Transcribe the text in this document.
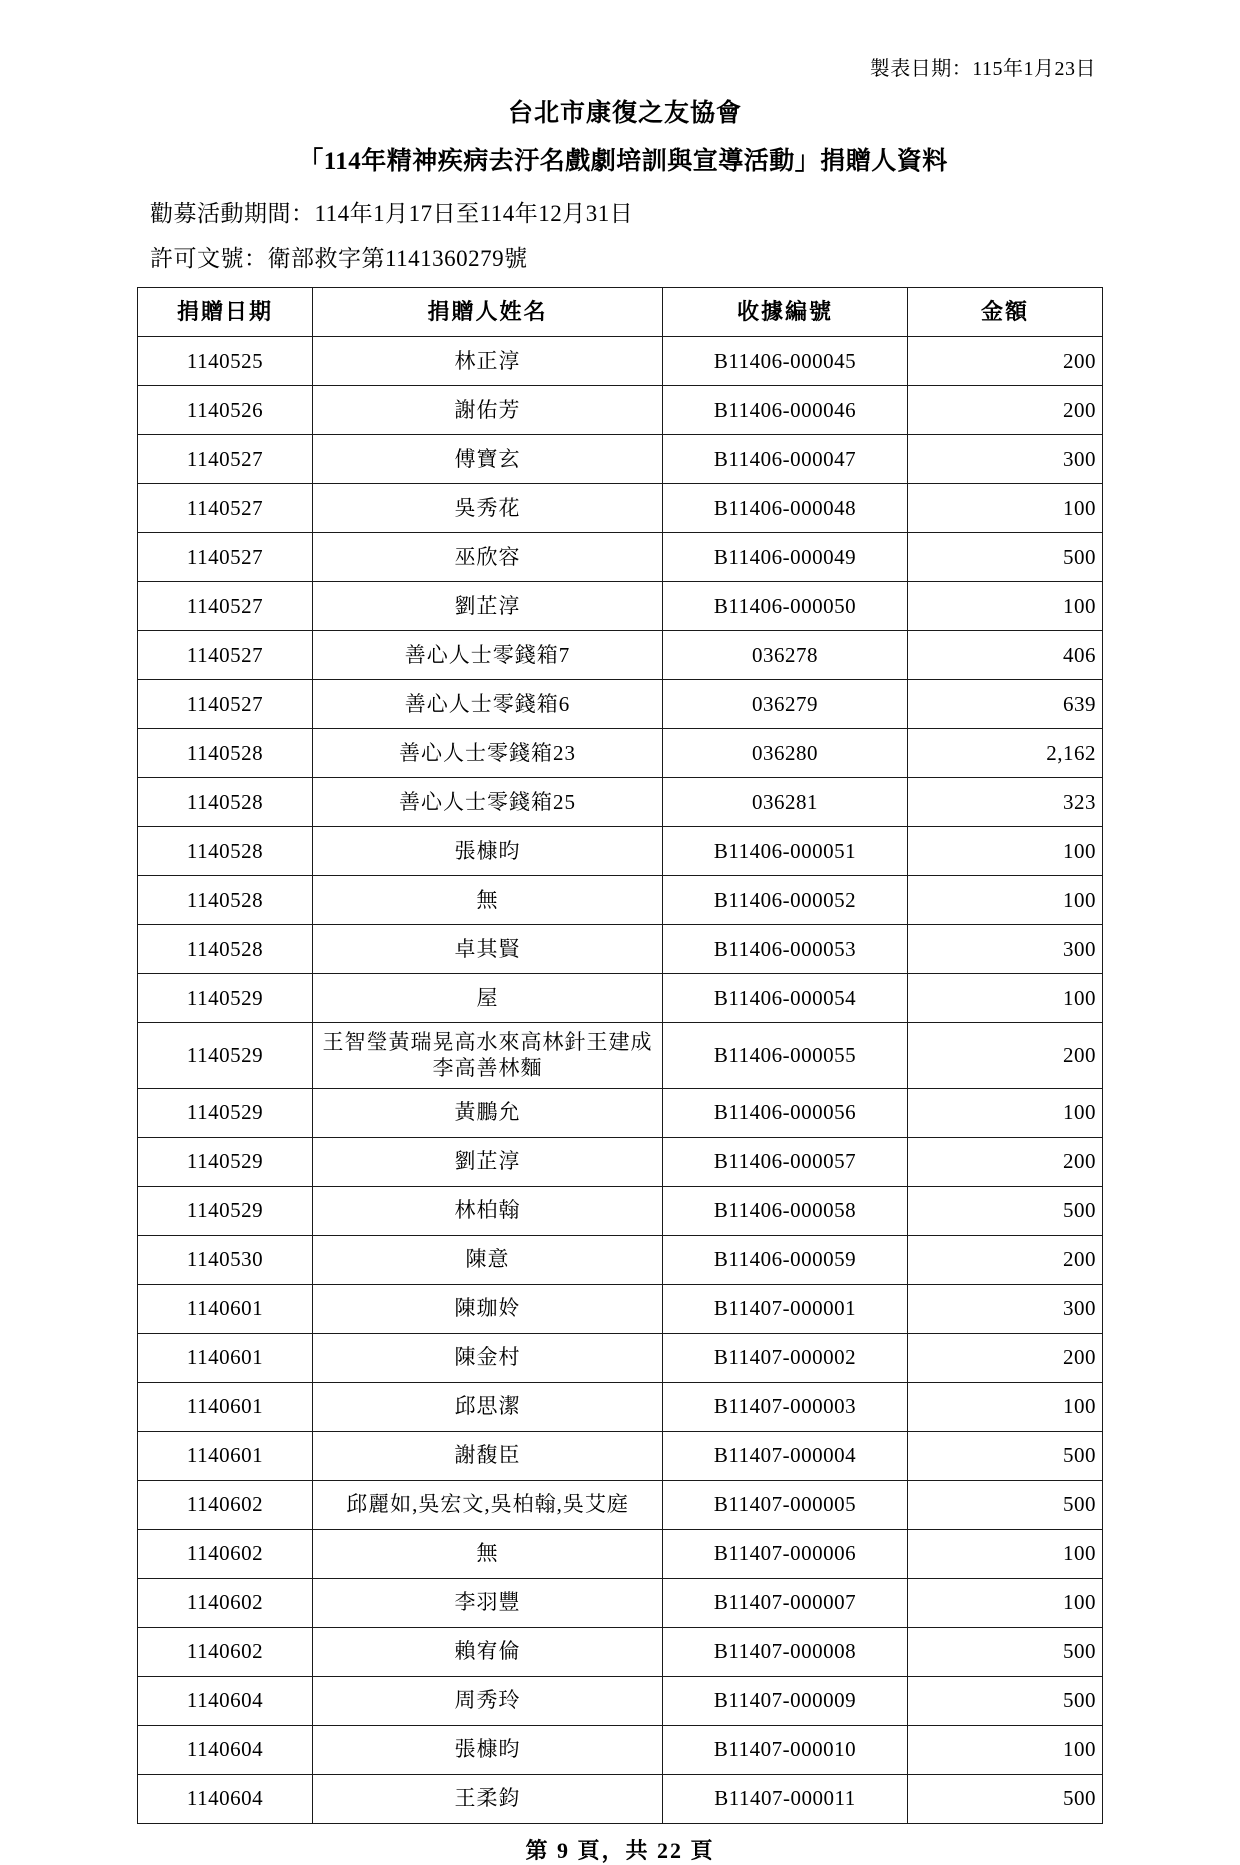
製表日期：115年1月23日
台北市康復之友協會
「114年精神疾病去汙名戲劇培訓與宣導活動」捐贈人資料
勸募活動期間：114年1月17日至114年12月31日
許可文號：衛部救字第1141360279號
捐贈日期	捐贈人姓名	收據編號	金額
1140525	林正淳	B11406-000045	200
1140526	謝佑芳	B11406-000046	200
1140527	傅寶玄	B11406-000047	300
1140527	吳秀花	B11406-000048	100
1140527	巫欣容	B11406-000049	500
1140527	劉芷淳	B11406-000050	100
1140527	善心人士零錢箱7	036278	406
1140527	善心人士零錢箱6	036279	639
1140528	善心人士零錢箱23	036280	2,162
1140528	善心人士零錢箱25	036281	323
1140528	張槺昀	B11406-000051	100
1140528	無	B11406-000052	100
1140528	卓其賢	B11406-000053	300
1140529	屋	B11406-000054	100
1140529	王智瑩黃瑞晃高水來高林針王建成李高善林麵	B11406-000055	200
1140529	黃鵬允	B11406-000056	100
1140529	劉芷淳	B11406-000057	200
1140529	林柏翰	B11406-000058	500
1140530	陳意	B11406-000059	200
1140601	陳珈姈	B11407-000001	300
1140601	陳金村	B11407-000002	200
1140601	邱思潔	B11407-000003	100
1140601	謝馥臣	B11407-000004	500
1140602	邱麗如,吳宏文,吳柏翰,吳艾庭	B11407-000005	500
1140602	無	B11407-000006	100
1140602	李羽豐	B11407-000007	100
1140602	賴宥倫	B11407-000008	500
1140604	周秀玲	B11407-000009	500
1140604	張槺昀	B11407-000010	100
1140604	王柔鈞	B11407-000011	500
第 9 頁，共 22 頁
